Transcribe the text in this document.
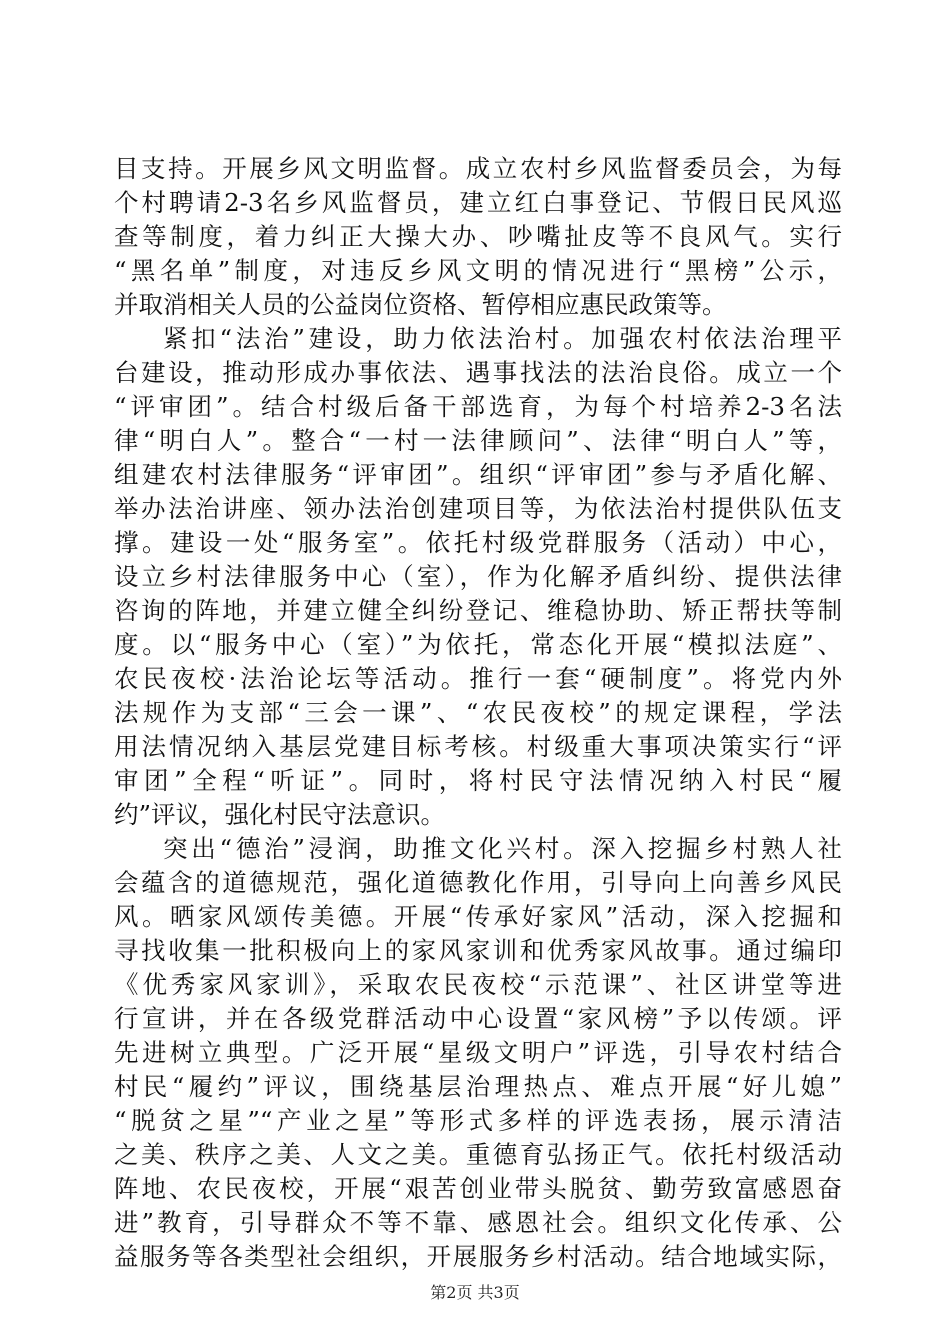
目支持。开展乡风文明监督。成立农村乡风监督委员会，为每
个村聘请2-3名乡风监督员，建立红白事登记、节假日民风巡
查等制度，着力纠正大操大办、吵嘴扯皮等不良风气。实行
“黑名单”制度，对违反乡风文明的情况进行“黑榜”公示，
并取消相关人员的公益岗位资格、暂停相应惠民政策等。
紧扣“法治”建设，助力依法治村。加强农村依法治理平
台建设，推动形成办事依法、遇事找法的法治良俗。成立一个
“评审团”。结合村级后备干部选育，为每个村培养2-3名法
律“明白人”。整合“一村一法律顾问”、法律“明白人”等，
组建农村法律服务“评审团”。组织“评审团”参与矛盾化解、
举办法治讲座、领办法治创建项目等，为依法治村提供队伍支
撑。建设一处“服务室”。依托村级党群服务（活动）中心，
设立乡村法律服务中心（室），作为化解矛盾纠纷、提供法律
咨询的阵地，并建立健全纠纷登记、维稳协助、矫正帮扶等制
度。以“服务中心（室）”为依托，常态化开展“模拟法庭”、
农民夜校·法治论坛等活动。推行一套“硬制度”。将党内外
法规作为支部“三会一课”、“农民夜校”的规定课程，学法
用法情况纳入基层党建目标考核。村级重大事项决策实行“评
审团”全程“听证”。同时，将村民守法情况纳入村民“履
约”评议，强化村民守法意识。
突出“德治”浸润，助推文化兴村。深入挖掘乡村熟人社
会蕴含的道德规范，强化道德教化作用，引导向上向善乡风民
风。晒家风颂传美德。开展“传承好家风”活动，深入挖掘和
寻找收集一批积极向上的家风家训和优秀家风故事。通过编印
《优秀家风家训》，采取农民夜校“示范课”、社区讲堂等进
行宣讲，并在各级党群活动中心设置“家风榜”予以传颂。评
先进树立典型。广泛开展“星级文明户”评选，引导农村结合
村民“履约”评议，围绕基层治理热点、难点开展“好儿媳”
“脱贫之星”“产业之星”等形式多样的评选表扬，展示清洁
之美、秩序之美、人文之美。重德育弘扬正气。依托村级活动
阵地、农民夜校，开展“艰苦创业带头脱贫、勤劳致富感恩奋
进”教育，引导群众不等不靠、感恩社会。组织文化传承、公
益服务等各类型社会组织，开展服务乡村活动。结合地域实际，
第2页 共3页
